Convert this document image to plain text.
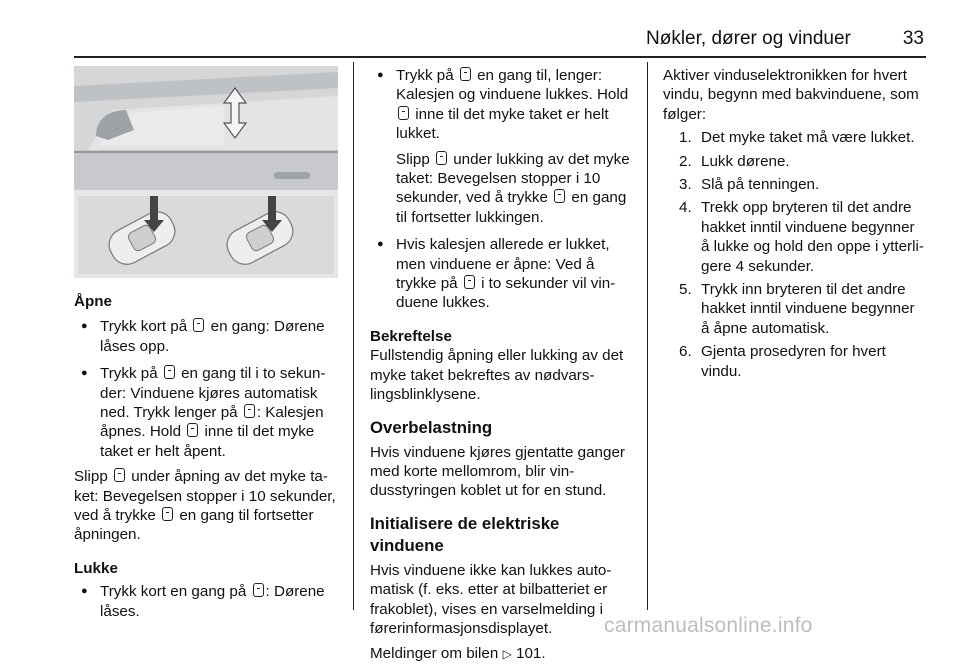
Nøkler, dører og vinduer	33

Åpne

● Trykk kort på  en gang: Dørene låses opp.
● Trykk på  en gang til i to sekun-der: Vinduene kjøres automatisk ned. Trykk lenger på : Kalesjen åpnes. Hold  inne til det myke taket er helt åpent.

Slipp  under åpning av det myke ta-ket: Bevegelsen stopper i 10 sekunder, ved å trykke  en gang til fortsetter åpningen.

Lukke

● Trykk kort en gang på : Dørene låses.
● Trykk på  en gang til, lenger: Kalesjen og vinduene lukkes. Hold  inne til det myke taket er helt lukket.

Slipp  under lukking av det myke taket: Bevegelsen stopper i 10 sekunder, ved å trykke  en gang til fortsetter lukkingen.

● Hvis kalesjen allerede er lukket, men vinduene er åpne: Ved å trykke på  i to sekunder vil vin-duene lukkes.

Bekreftelse

Fullstendig åpning eller lukking av det myke taket bekreftes av nødvars-lingsblinklysene.

Overbelastning

Hvis vinduene kjøres gjentatte ganger med korte mellomrom, blir vin-dusstyringen koblet ut for en stund.

Initialisere de elektriske vinduene

Hvis vinduene ikke kan lukkes auto-matisk (f. eks. etter at bilbatteriet er frakoblet), vises en varselmelding i førerinformasjonsdisplayet.

Meldinger om bilen ▷ 101.

Aktiver vinduselektronikken for hvert vindu, begynn med bakvinduene, som følger:

1. Det myke taket må være lukket.
2. Lukk dørene.
3. Slå på tenningen.
4. Trekk opp bryteren til det andre hakket inntil vinduene begynner å lukke og hold den oppe i ytterli-gere 4 sekunder.
5. Trykk inn bryteren til det andre hakket inntil vinduene begynner å åpne automatisk.
6. Gjenta prosedyren for hvert vindu.
carmanualsonline.info
